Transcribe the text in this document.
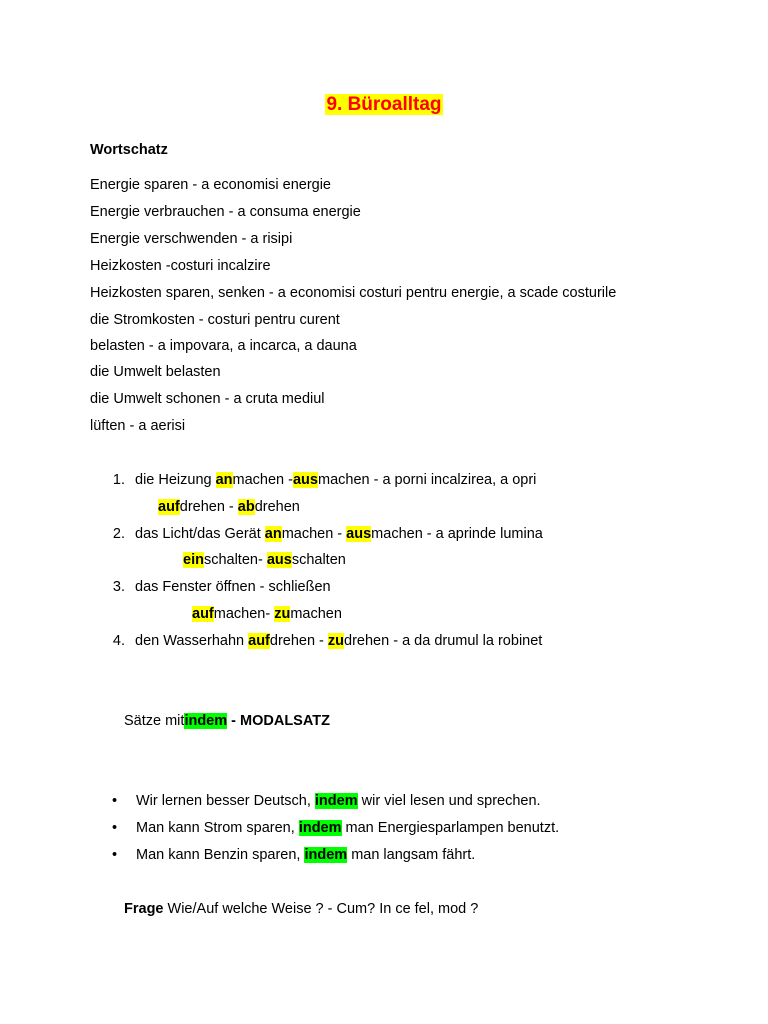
9. Büroalltag
Wortschatz
Energie sparen - a economisi energie
Energie verbrauchen - a consuma energie
Energie verschwenden - a risipi
Heizkosten -costuri incalzire
Heizkosten sparen, senken - a economisi costuri pentru energie, a scade costurile
die Stromkosten - costuri pentru curent
belasten - a impovara, a incarca, a dauna
die Umwelt belasten
die Umwelt schonen - a cruta mediul
lüften - a aerisi
1. die Heizung anmachen -ausmachen - a porni incalzirea, a opri
aufdrehen - abdrehen
2. das Licht/das Gerät anmachen - ausmachen - a aprinde lumina
einschalten- ausschalten
3. das Fenster öffnen - schließen
aufmachen- zumachen
4. den Wasserhahn aufdrehen - zudrehen - a da drumul la robinet
Sätze mitindem - MODALSATZ
• Wir lernen besser Deutsch, indem wir viel lesen und sprechen.
• Man kann Strom sparen, indem man Energiesparlampen benutzt.
• Man kann Benzin sparen, indem man langsam fährt.
Frage Wie/Auf welche Weise ? - Cum? In ce fel, mod ?
